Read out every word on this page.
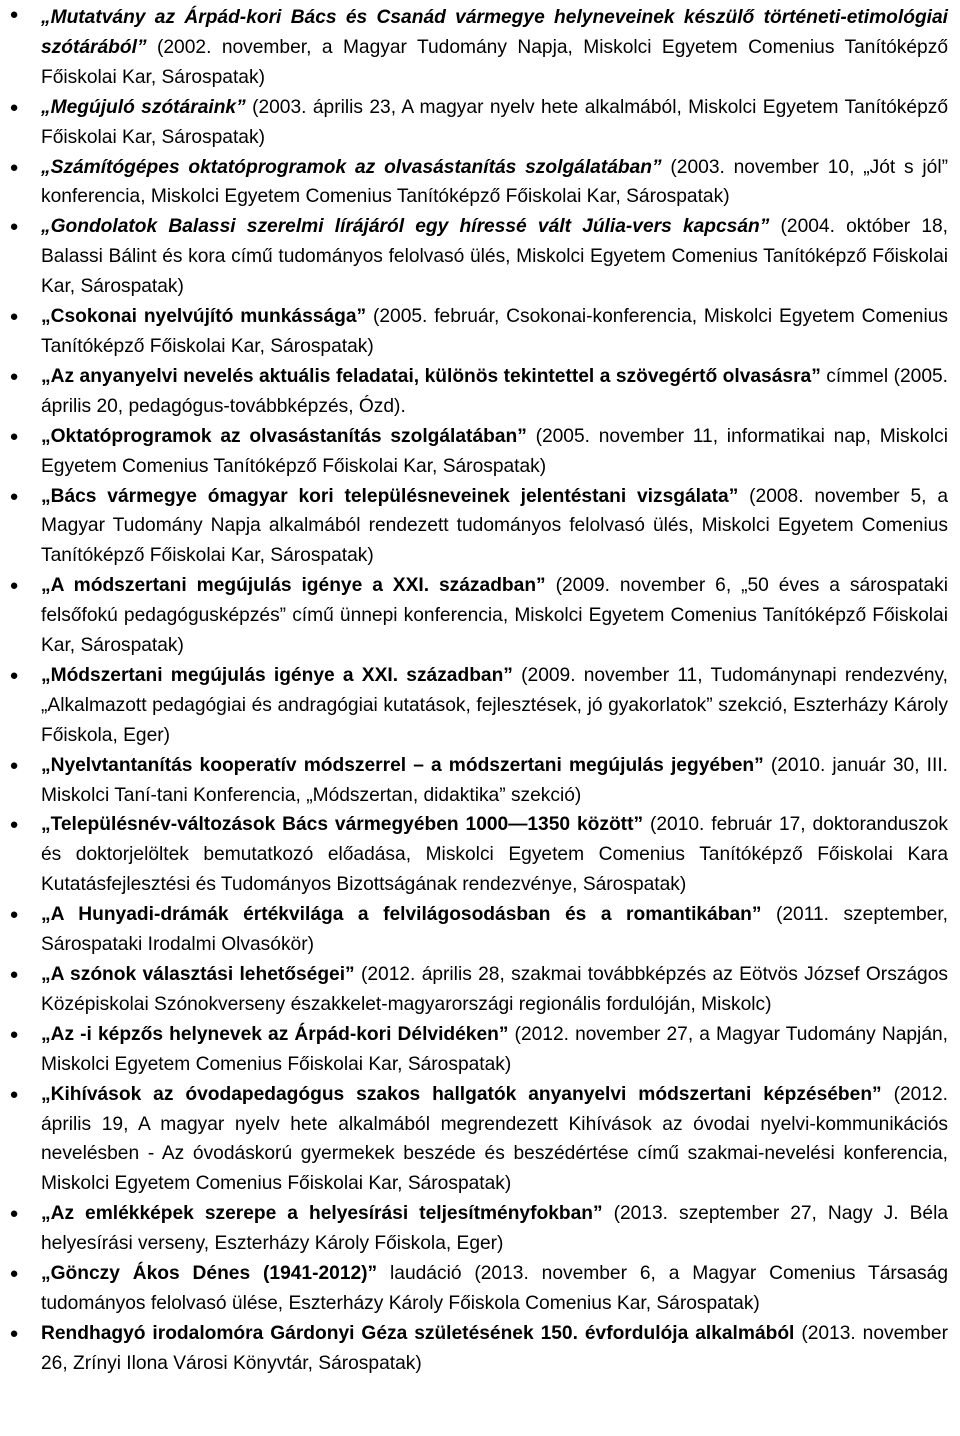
● „Mutatvány az Árpád-kori Bács és Csanád vármegye helyneveinek készülő történeti-etimológiai szótárából” (2002. november, a Magyar Tudomány Napja, Miskolci Egyetem Comenius Tanítóképző Főiskolai Kar, Sárospatak)
● „Megújuló szótáraink” (2003. április 23, A magyar nyelv hete alkalmából, Miskolci Egyetem Tanítóképző Főiskolai Kar, Sárospatak)
● „Számítógépes oktatóprogramok az olvasástanítás szolgálatában” (2003. november 10, „Jót s jól” konferencia, Miskolci Egyetem Comenius Tanítóképző Főiskolai Kar, Sárospatak)
● „Gondolatok Balassi szerelmi lírájáról egy híressé vált Júlia-vers kapcsán” (2004. október 18, Balassi Bálint és kora című tudományos felolvasó ülés, Miskolci Egyetem Comenius Tanítóképző Főiskolai Kar, Sárospatak)
● „Csokonai nyelvújító munkássága” (2005. február, Csokonai-konferencia, Miskolci Egyetem Comenius Tanítóképző Főiskolai Kar, Sárospatak)
● „Az anyanyelvi nevelés aktuális feladatai, különös tekintettel a szövegértő olvasásra” címmel (2005. április 20, pedagógus-továbbképzés, Ózd).
● „Oktatóprogramok az olvasástanítás szolgálatában” (2005. november 11, informatikai nap, Miskolci Egyetem Comenius Tanítóképző Főiskolai Kar, Sárospatak)
● „Bács vármegye ómagyar kori településneveinek jelentéstani vizsgálata” (2008. november 5, a Magyar Tudomány Napja alkalmából rendezett tudományos felolvasó ülés, Miskolci Egyetem Comenius Tanítóképző Főiskolai Kar, Sárospatak)
● „A módszertani megújulás igénye a XXI. században” (2009. november 6, „50 éves a sárospataki felsőfokú pedagógusképzés” című ünnepi konferencia, Miskolci Egyetem Comenius Tanítóképző Főiskolai Kar, Sárospatak)
● „Módszertani megújulás igénye a XXI. században” (2009. november 11, Tudománynapi rendezvény, „Alkalmazott pedagógiai és andragógiai kutatások, fejlesztések, jó gyakorlatok” szekció, Eszterházy Károly Főiskola, Eger)
● „Nyelvtantanítás kooperatív módszerrel – a módszertani megújulás jegyében” (2010. január 30, III. Miskolci Taní-tani Konferencia, „Módszertan, didaktika” szekció)
● „Településnév-változások Bács vármegyében 1000—1350 között” (2010. február 17, doktoranduszok és doktorjelöltek bemutatkozó előadása, Miskolci Egyetem Comenius Tanítóképző Főiskolai Kara Kutatásfejlesztési és Tudományos Bizottságának rendezvénye, Sárospatak)
● „A Hunyadi-drámák értékvilága a felvilágosodásban és a romantikában” (2011. szeptember, Sárospataki Irodalmi Olvasókör)
● „A szónok választási lehetőségei” (2012. április 28, szakmai továbbképzés az Eötvös József Országos Középiskolai Szónokverseny északkelet-magyarországi regionális fordulóján, Miskolc)
● „Az -i képzős helynevek az Árpád-kori Délvidéken” (2012. november 27, a Magyar Tudomány Napján, Miskolci Egyetem Comenius Főiskolai Kar, Sárospatak)
● „Kihívások az óvodapedagógus szakos hallgatók anyanyelvi módszertani képzésében” (2012. április 19, A magyar nyelv hete alkalmából megrendezett Kihívások az óvodai nyelvi-kommunikációs nevelésben - Az óvodáskorú gyermekek beszéde és beszédértése című szakmai-nevelési konferencia, Miskolci Egyetem Comenius Főiskolai Kar, Sárospatak)
● „Az emlékképek szerepe a helyesírási teljesítményfokban” (2013. szeptember 27, Nagy J. Béla helyesírási verseny, Eszterházy Károly Főiskola, Eger)
● „Gönczy Ákos Dénes (1941-2012)” laudáció (2013. november 6, a Magyar Comenius Társaság tudományos felolvasó ülése, Eszterházy Károly Főiskola Comenius Kar, Sárospatak)
● Rendhagyó irodalomóra Gárdonyi Géza születésének 150. évfordulója alkalmából (2013. november 26, Zrínyi Ilona Városi Könyvtár, Sárospatak)
